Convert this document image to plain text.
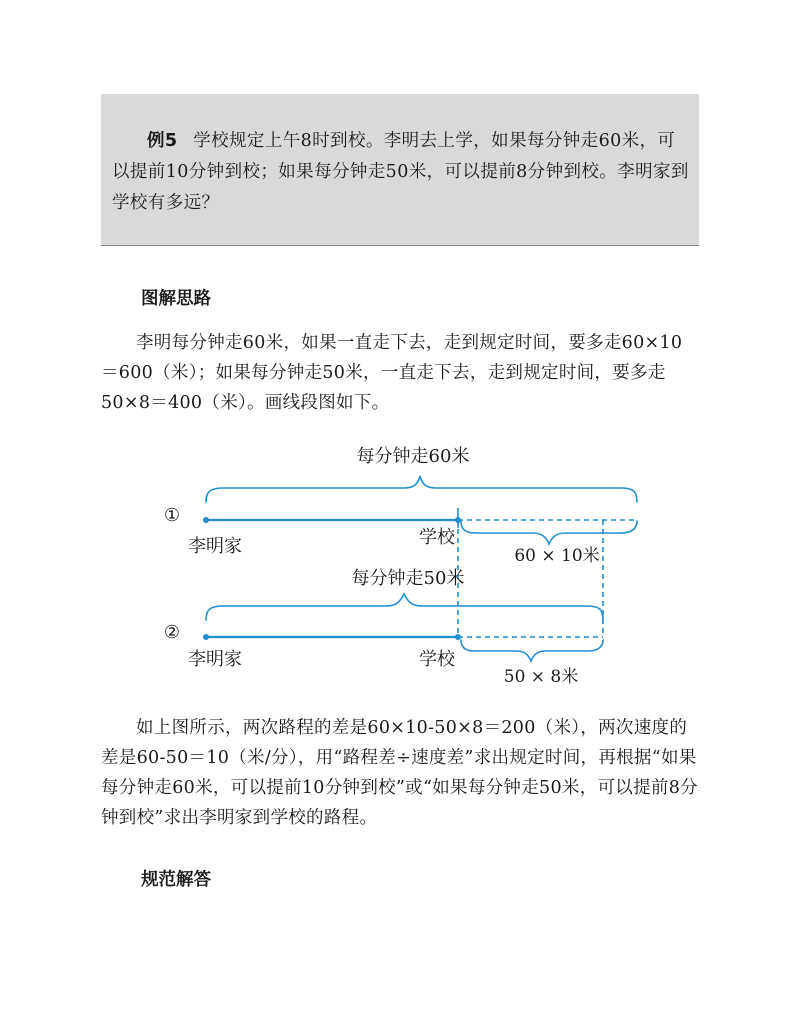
例5 学校规定上午8时到校。李明去上学，如果每分钟走60米，可以提前10分钟到校；如果每分钟走50米，可以提前8分钟到校。李明家到学校有多远？

图解思路

李明每分钟走60米，如果一直走下去，走到规定时间，要多走60×10＝600（米）；如果每分钟走50米，一直走下去，走到规定时间，要多走50×8＝400（米）。画线段图如下。

每分钟走60米
①
李明家	学校
60 × 10米
每分钟走50米
②
李明家	学校
50 × 8米

如上图所示，两次路程的差是60×10-50×8＝200（米），两次速度的差是60-50＝10（米/分），用“路程差÷速度差”求出规定时间，再根据“如果每分钟走60米，可以提前10分钟到校”或“如果每分钟走50米，可以提前8分钟到校”求出李明家到学校的路程。

规范解答
